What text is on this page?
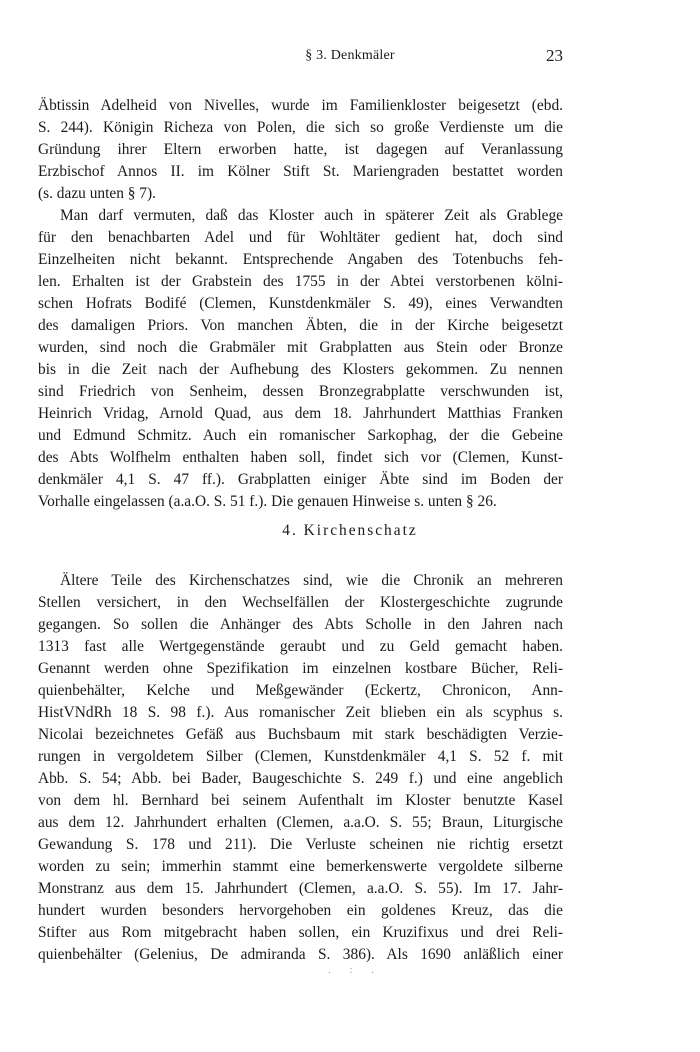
§ 3. Denkmäler	23
Äbtissin Adelheid von Nivelles, wurde im Familienkloster beigesetzt (ebd.
S. 244). Königin Richeza von Polen, die sich so große Verdienste um die
Gründung ihrer Eltern erworben hatte, ist dagegen auf Veranlassung
Erzbischof Annos II. im Kölner Stift St. Mariengraden bestattet worden
(s. dazu unten § 7).
Man darf vermuten, daß das Kloster auch in späterer Zeit als Grablege
für den benachbarten Adel und für Wohltäter gedient hat, doch sind
Einzelheiten nicht bekannt. Entsprechende Angaben des Totenbuchs feh-
len. Erhalten ist der Grabstein des 1755 in der Abtei verstorbenen kölni-
schen Hofrats Bodifé (Clemen, Kunstdenkmäler S. 49), eines Verwandten
des damaligen Priors. Von manchen Äbten, die in der Kirche beigesetzt
wurden, sind noch die Grabmäler mit Grabplatten aus Stein oder Bronze
bis in die Zeit nach der Aufhebung des Klosters gekommen. Zu nennen
sind Friedrich von Senheim, dessen Bronzegrabplatte verschwunden ist,
Heinrich Vridag, Arnold Quad, aus dem 18. Jahrhundert Matthias Franken
und Edmund Schmitz. Auch ein romanischer Sarkophag, der die Gebeine
des Abts Wolfhelm enthalten haben soll, findet sich vor (Clemen, Kunst-
denkmäler 4,1 S. 47 ff.). Grabplatten einiger Äbte sind im Boden der
Vorhalle eingelassen (a.a.O. S. 51 f.). Die genauen Hinweise s. unten § 26.
4. Kirchenschatz
Ältere Teile des Kirchenschatzes sind, wie die Chronik an mehreren
Stellen versichert, in den Wechselfällen der Klostergeschichte zugrunde
gegangen. So sollen die Anhänger des Abts Scholle in den Jahren nach
1313 fast alle Wertgegenstände geraubt und zu Geld gemacht haben.
Genannt werden ohne Spezifikation im einzelnen kostbare Bücher, Reli-
quienbehälter, Kelche und Meßgewänder (Eckertz, Chronicon, Ann-
HistVNdRh 18 S. 98 f.). Aus romanischer Zeit blieben ein als scyphus s.
Nicolai bezeichnetes Gefäß aus Buchsbaum mit stark beschädigten Verzie-
rungen in vergoldetem Silber (Clemen, Kunstdenkmäler 4,1 S. 52 f. mit
Abb. S. 54; Abb. bei Bader, Baugeschichte S. 249 f.) und eine angeblich
von dem hl. Bernhard bei seinem Aufenthalt im Kloster benutzte Kasel
aus dem 12. Jahrhundert erhalten (Clemen, a.a.O. S. 55; Braun, Liturgische
Gewandung S. 178 und 211). Die Verluste scheinen nie richtig ersetzt
worden zu sein; immerhin stammt eine bemerkenswerte vergoldete silberne
Monstranz aus dem 15. Jahrhundert (Clemen, a.a.O. S. 55). Im 17. Jahr-
hundert wurden besonders hervorgehoben ein goldenes Kreuz, das die
Stifter aus Rom mitgebracht haben sollen, ein Kruzifixus und drei Reli-
quienbehälter (Gelenius, De admiranda S. 386). Als 1690 anläßlich einer
. : .
